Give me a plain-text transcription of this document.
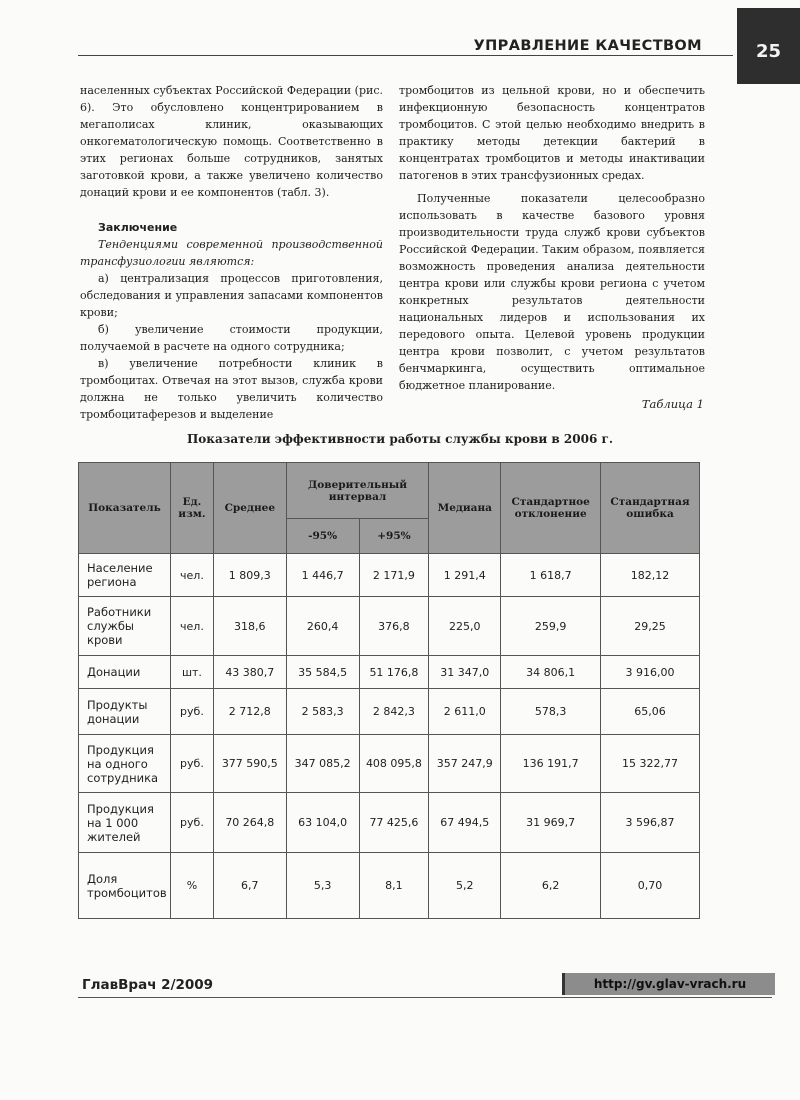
25
УПРАВЛЕНИЕ КАЧЕСТВОМ

населенных субъектах Российской Федерации (рис. 6). Это обусловлено концентрированием в мегаполисах клиник, оказывающих онкогематологическую помощь. Соответственно в этих регионах больше сотрудников, занятых заготовкой крови, а также увеличено количество донаций крови и ее компонентов (табл. 3).

Заключение

Тенденциями современной производственной трансфузиологии являются:

а) централизация процессов приготовления, обследования и управления запасами компонентов крови;

б) увеличение стоимости продукции, получаемой в расчете на одного сотрудника;

в) увеличение потребности клиник в тромбоцитах. Отвечая на этот вызов, служба крови должна не только увеличить количество тромбоцитаферезов и выделение

тромбоцитов из цельной крови, но и обеспечить инфекционную безопасность концентратов тромбоцитов. С этой целью необходимо внедрить в практику методы детекции бактерий в концентратах тромбоцитов и методы инактивации патогенов в этих трансфузионных средах.

Полученные показатели целесообразно использовать в качестве базового уровня производительности труда служб крови субъектов Российской Федерации. Таким образом, появляется возможность проведения анализа деятельности центра крови или службы крови региона с учетом конкретных результатов деятельности национальных лидеров и использования их передового опыта. Целевой уровень продукции центра крови позволит, с учетом результатов бенчмаркинга, осуществить оптимальное бюджетное планирование.

Таблица 1
Показатели эффективности работы службы крови в 2006 г.
Показатель	Ед. изм.	Среднее	Доверительный интервал		Медиана	Стандартное отклонение	Стандартная ошибка
			-95%	+95%			
Население региона	чел.	1 809,3	1 446,7	2 171,9	1 291,4	1 618,7	182,12
Работники службы крови	чел.	318,6	260,4	376,8	225,0	259,9	29,25
Донации	шт.	43 380,7	35 584,5	51 176,8	31 347,0	34 806,1	3 916,00
Продукты донации	руб.	2 712,8	2 583,3	2 842,3	2 611,0	578,3	65,06
Продукция на одного сотрудника	руб.	377 590,5	347 085,2	408 095,8	357 247,9	136 191,7	15 322,77
Продукция на 1 000 жителей	руб.	70 264,8	63 104,0	77 425,6	67 494,5	31 969,7	3 596,87
Доля тромбоцитов	%	6,7	5,3	8,1	5,2	6,2	0,70
ГлавВрач 2/2009	http://gv.glav-vrach.ru
